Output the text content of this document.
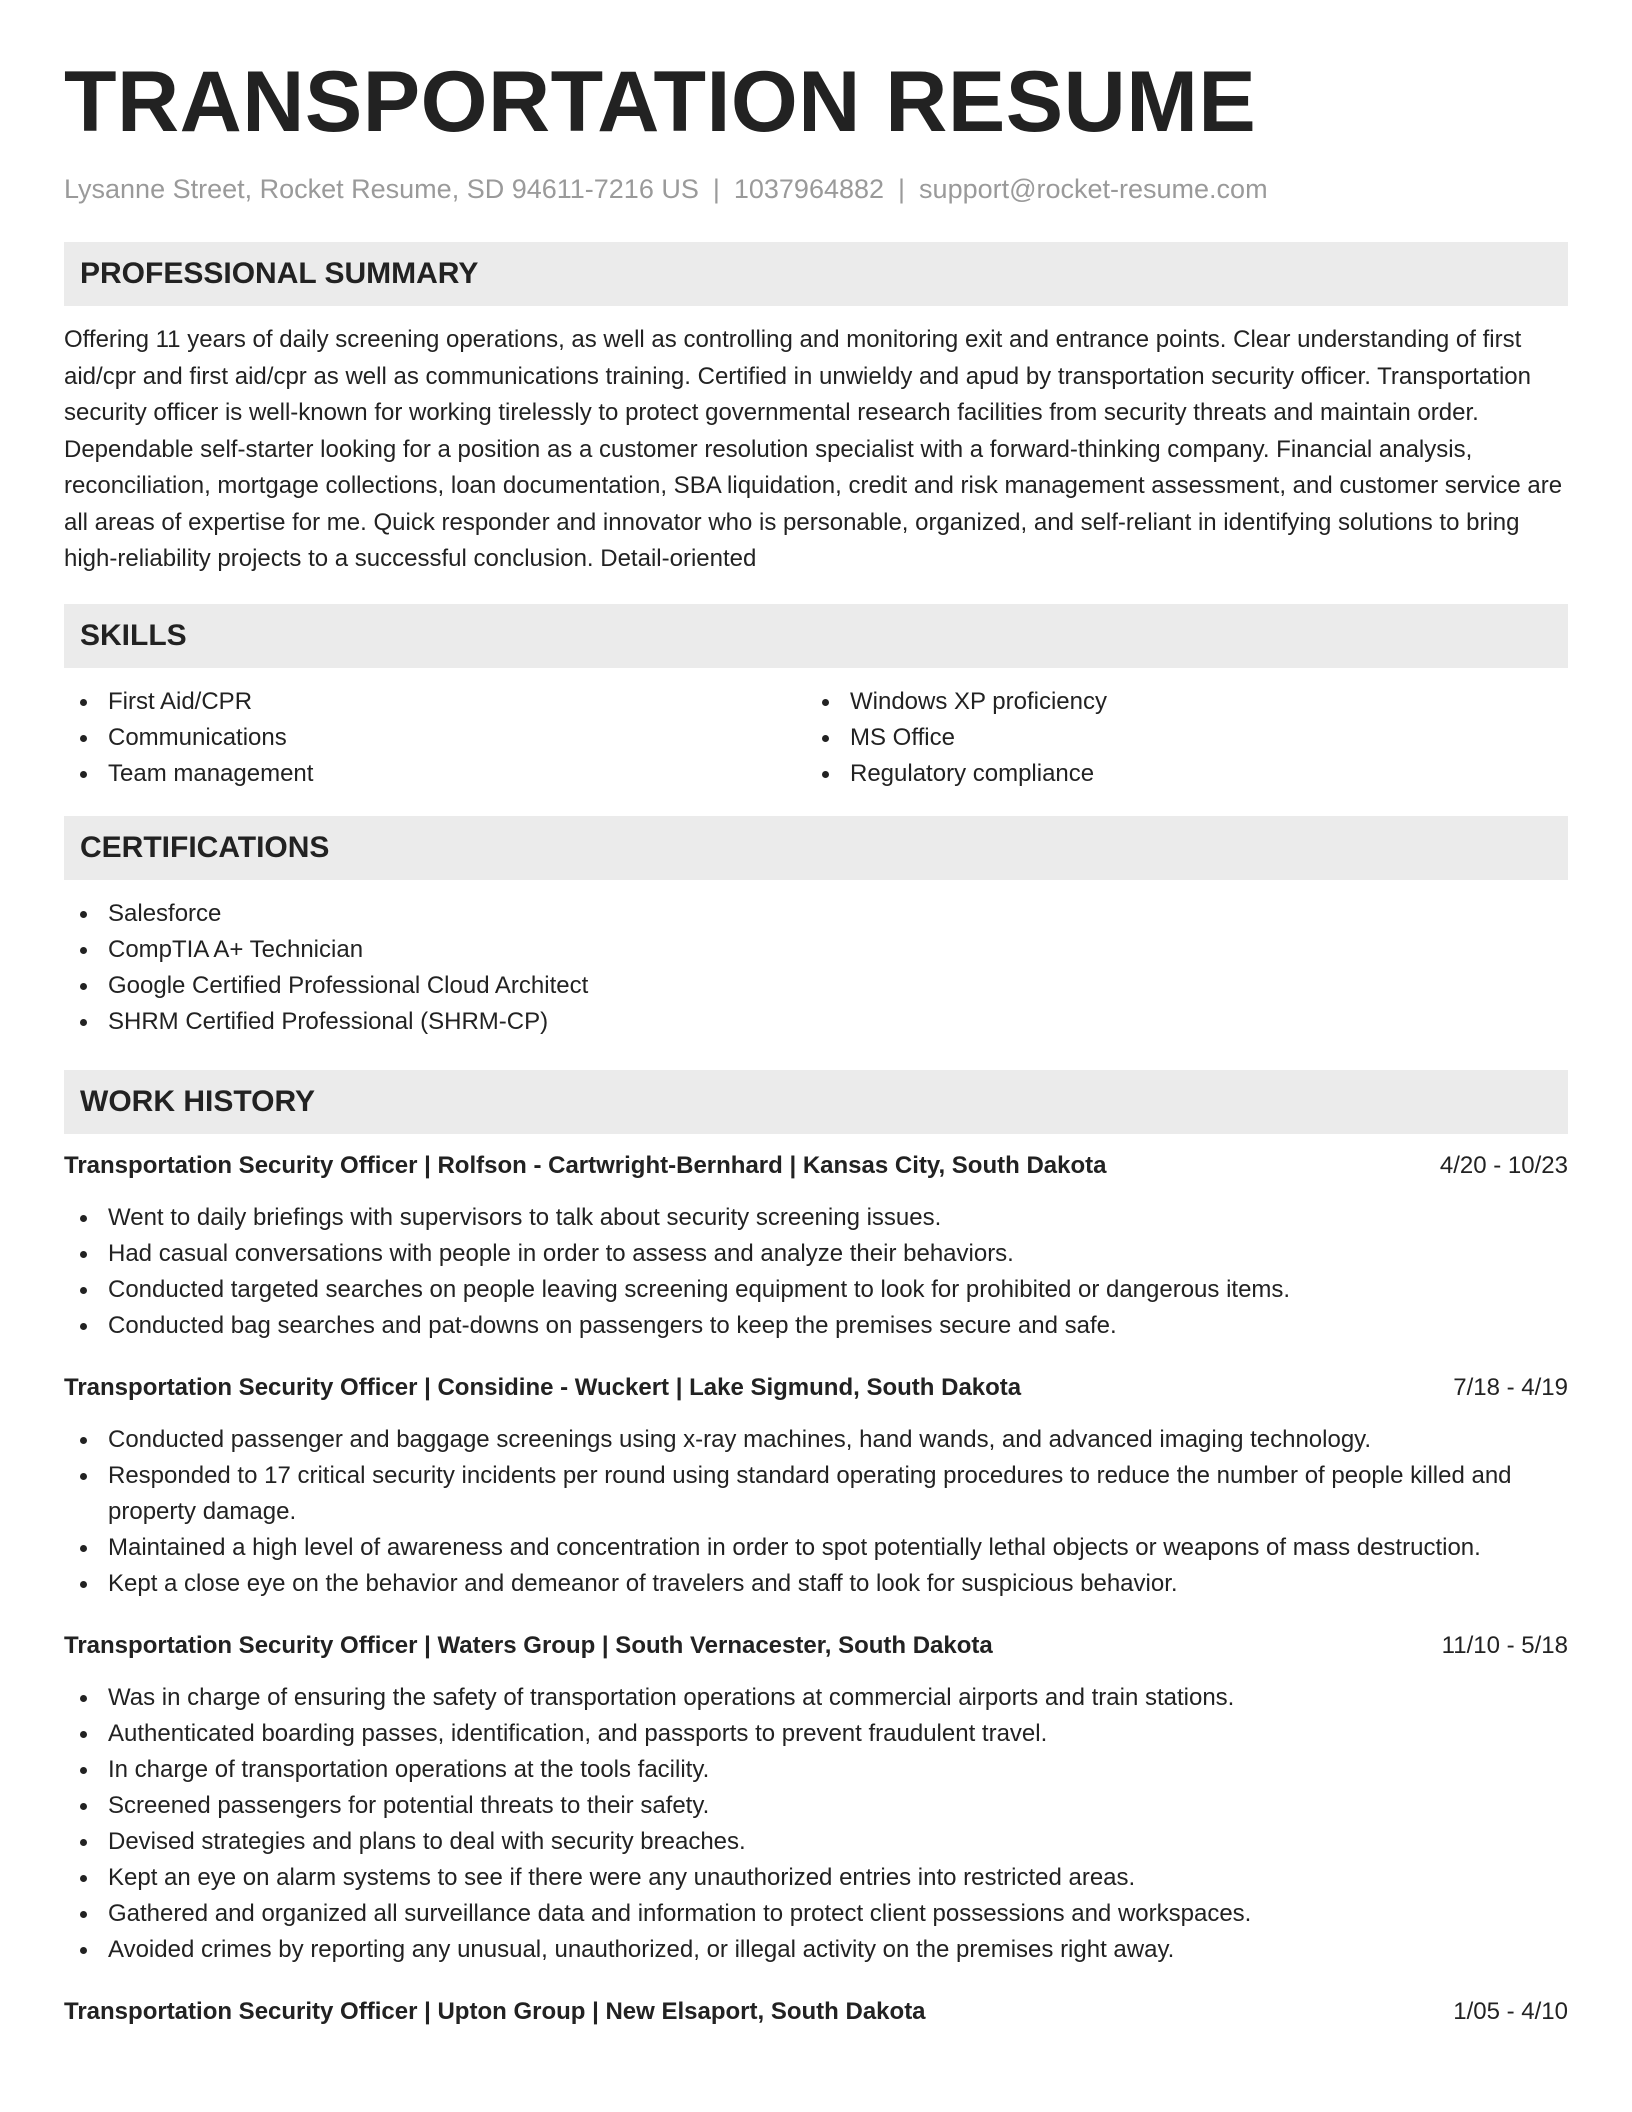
TRANSPORTATION RESUME
Lysanne Street, Rocket Resume, SD 94611-7216 US | 1037964882 | support@rocket-resume.com
PROFESSIONAL SUMMARY

Offering 11 years of daily screening operations, as well as controlling and monitoring exit and entrance points. Clear understanding of first aid/cpr and first aid/cpr as well as communications training. Certified in unwieldy and apud by transportation security officer. Transportation security officer is well-known for working tirelessly to protect governmental research facilities from security threats and maintain order. Dependable self-starter looking for a position as a customer resolution specialist with a forward-thinking company. Financial analysis, reconciliation, mortgage collections, loan documentation, SBA liquidation, credit and risk management assessment, and customer service are all areas of expertise for me. Quick responder and innovator who is personable, organized, and self-reliant in identifying solutions to bring high-reliability projects to a successful conclusion. Detail-oriented

SKILLS
First Aid/CPR
Communications
Team management
Windows XP proficiency
MS Office
Regulatory compliance
CERTIFICATIONS
Salesforce
CompTIA A+ Technician
Google Certified Professional Cloud Architect
SHRM Certified Professional (SHRM-CP)
WORK HISTORY
Transportation Security Officer | Rolfson - Cartwright-Bernhard | Kansas City, South Dakota	4/20 - 10/23
Went to daily briefings with supervisors to talk about security screening issues.
Had casual conversations with people in order to assess and analyze their behaviors.
Conducted targeted searches on people leaving screening equipment to look for prohibited or dangerous items.
Conducted bag searches and pat-downs on passengers to keep the premises secure and safe.
Transportation Security Officer | Considine - Wuckert | Lake Sigmund, South Dakota	7/18 - 4/19
Conducted passenger and baggage screenings using x-ray machines, hand wands, and advanced imaging technology.
Responded to 17 critical security incidents per round using standard operating procedures to reduce the number of people killed and property damage.
Maintained a high level of awareness and concentration in order to spot potentially lethal objects or weapons of mass destruction.
Kept a close eye on the behavior and demeanor of travelers and staff to look for suspicious behavior.
Transportation Security Officer | Waters Group | South Vernacester, South Dakota	11/10 - 5/18
Was in charge of ensuring the safety of transportation operations at commercial airports and train stations.
Authenticated boarding passes, identification, and passports to prevent fraudulent travel.
In charge of transportation operations at the tools facility.
Screened passengers for potential threats to their safety.
Devised strategies and plans to deal with security breaches.
Kept an eye on alarm systems to see if there were any unauthorized entries into restricted areas.
Gathered and organized all surveillance data and information to protect client possessions and workspaces.
Avoided crimes by reporting any unusual, unauthorized, or illegal activity on the premises right away.
Transportation Security Officer | Upton Group | New Elsaport, South Dakota	1/05 - 4/10
